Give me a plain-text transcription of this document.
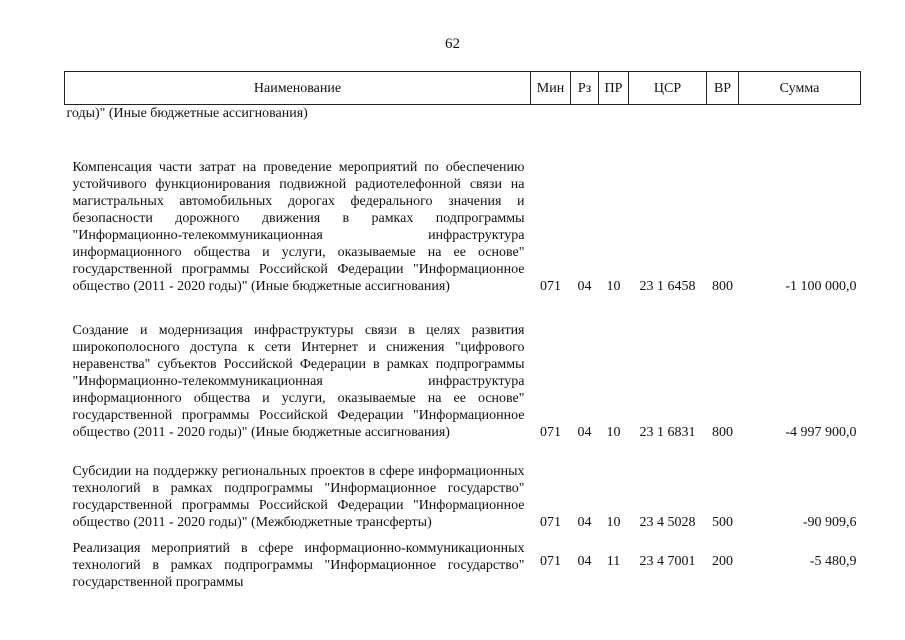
62
Наименование	Мин	Рз	ПР	ЦСР	ВР	Сумма
годы)" (Иные бюджетные ассигнования)						
Компенсация части затрат на проведение мероприятий по обеспечению устойчивого функционирования подвижной радиотелефонной связи на магистральных автомобильных дорогах федерального значения и безопасности дорожного движения в рамках подпрограммы "Информационно-телекоммуникационная инфраструктура информационного общества и услуги, оказываемые на ее основе" государственной программы Российской Федерации "Информационное общество (2011 - 2020 годы)" (Иные бюджетные ассигнования)	071	04	10	23 1 6458	800	-1 100 000,0
Создание и модернизация инфраструктуры связи в целях развития широкополосного доступа к сети Интернет и снижения "цифрового неравенства" субъектов Российской Федерации в рамках подпрограммы "Информационно-телекоммуникационная инфраструктура информационного общества и услуги, оказываемые на ее основе" государственной программы Российской Федерации "Информационное общество (2011 - 2020 годы)" (Иные бюджетные ассигнования)	071	04	10	23 1 6831	800	-4 997 900,0
Субсидии на поддержку региональных проектов в сфере информационных технологий в рамках подпрограммы "Информационное государство" государственной программы Российской Федерации "Информационное общество (2011 - 2020 годы)" (Межбюджетные трансферты)	071	04	10	23 4 5028	500	-90 909,6
Реализация мероприятий в сфере информационно-коммуникационных технологий в рамках подпрограммы "Информационное государство" государственной программы	071	04	11	23 4 7001	200	-5 480,9
